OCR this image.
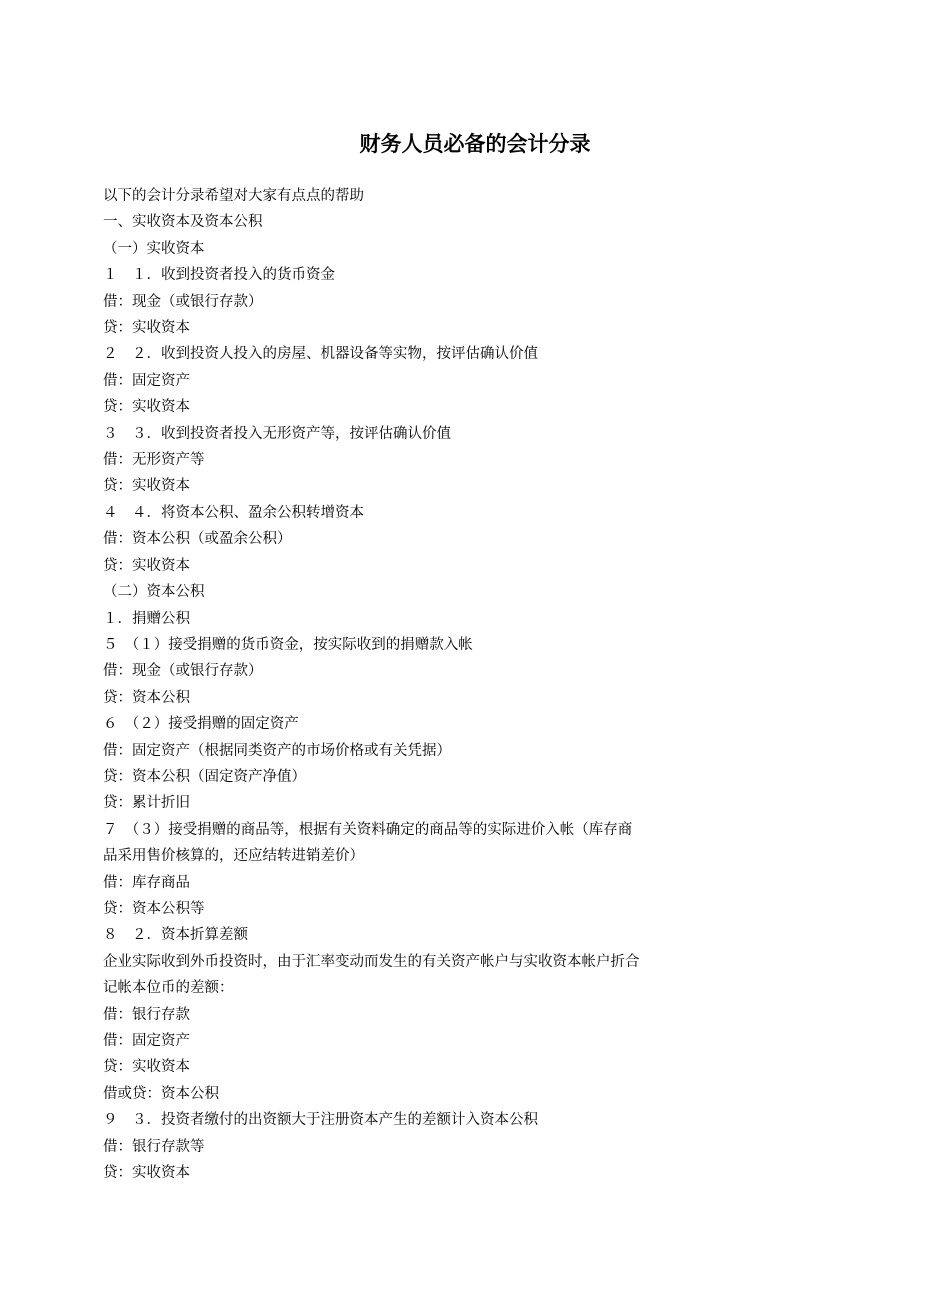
财务人员必备的会计分录

以下的会计分录希望对大家有点点的帮助

一、实收资本及资本公积

（一）实收资本

１　１．收到投资者投入的货币资金

借：现金（或银行存款）

贷：实收资本

２　２．收到投资人投入的房屋、机器设备等实物，按评估确认价值

借：固定资产

贷：实收资本

３　３．收到投资者投入无形资产等，按评估确认价值

借：无形资产等

贷：实收资本

４　４．将资本公积、盈余公积转增资本

借：资本公积（或盈余公积）

贷：实收资本

（二）资本公积

１．捐赠公积

５　（１）接受捐赠的货币资金，按实际收到的捐赠款入帐

借：现金（或银行存款）

贷：资本公积

６　（２）接受捐赠的固定资产

借：固定资产（根据同类资产的市场价格或有关凭据）

贷：资本公积（固定资产净值）

贷：累计折旧

７　（３）接受捐赠的商品等，根据有关资料确定的商品等的实际进价入帐（库存商

品采用售价核算的，还应结转进销差价）

借：库存商品

贷：资本公积等

８　２．资本折算差额

企业实际收到外币投资时，由于汇率变动而发生的有关资产帐户与实收资本帐户折合

记帐本位币的差额：

借：银行存款

借：固定资产

贷：实收资本

借或贷：资本公积

９　３．投资者缴付的出资额大于注册资本产生的差额计入资本公积

借：银行存款等

贷：实收资本
